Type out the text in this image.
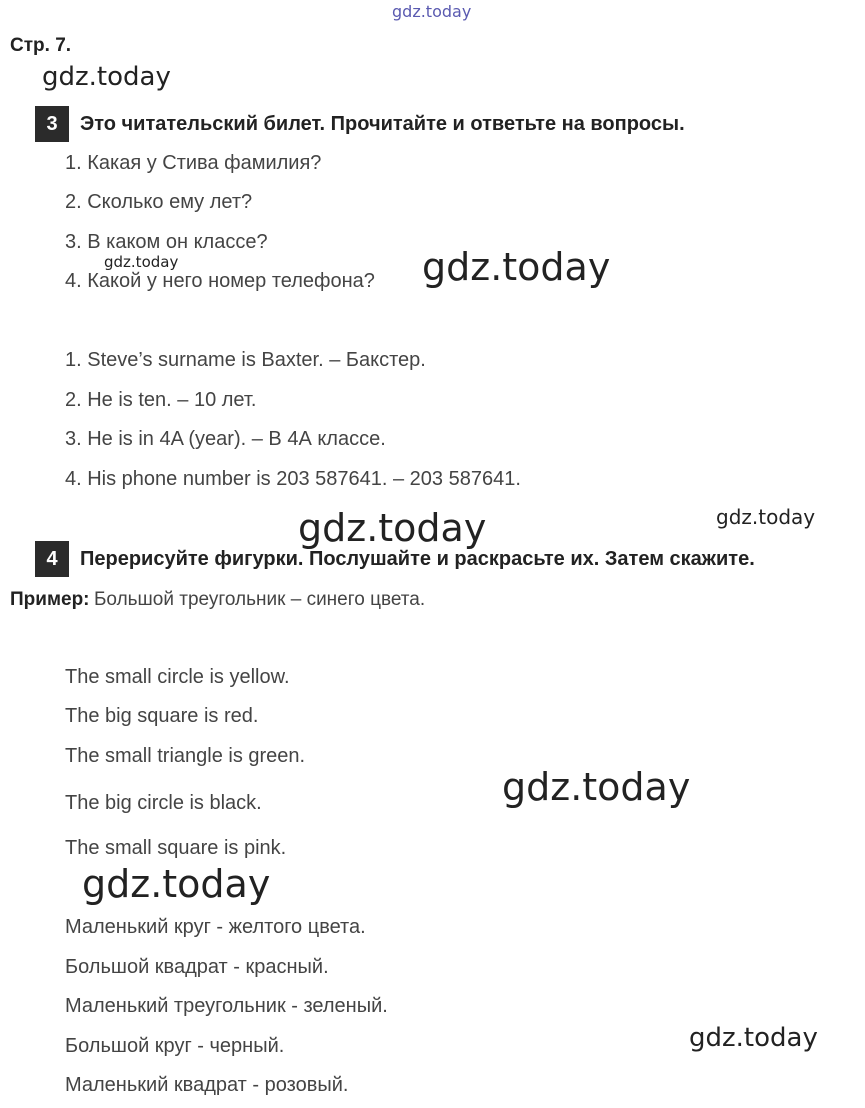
gdz.today
gdz.today
gdz.today	gdz.today
gdz.today	gdz.today
gdz.today
gdz.today
gdz.today
Стр. 7.
3	Это читательский билет. Прочитайте и ответьте на вопросы.
1. Какая у Стива фамилия?
2. Сколько ему лет?
3. В каком он классе?
4. Какой у него номер телефона?
1. Steve’s surname is Baxter. – Бакстер.
2. He is ten. – 10 лет.
3. He is in 4A (year). – В 4А классе.
4. His phone number is 203 587641. – 203 587641.
4	Перерисуйте фигурки. Послушайте и раскрасьте их. Затем скажите.
Пример: Большой треугольник – синего цвета.
The small circle is yellow.
The big square is red.
The small triangle is green.
The big circle is black.
The small square is pink.
Маленький круг - желтого цвета.
Большой квадрат - красный.
Маленький треугольник - зеленый.
Большой круг - черный.
Маленький квадрат - розовый.
